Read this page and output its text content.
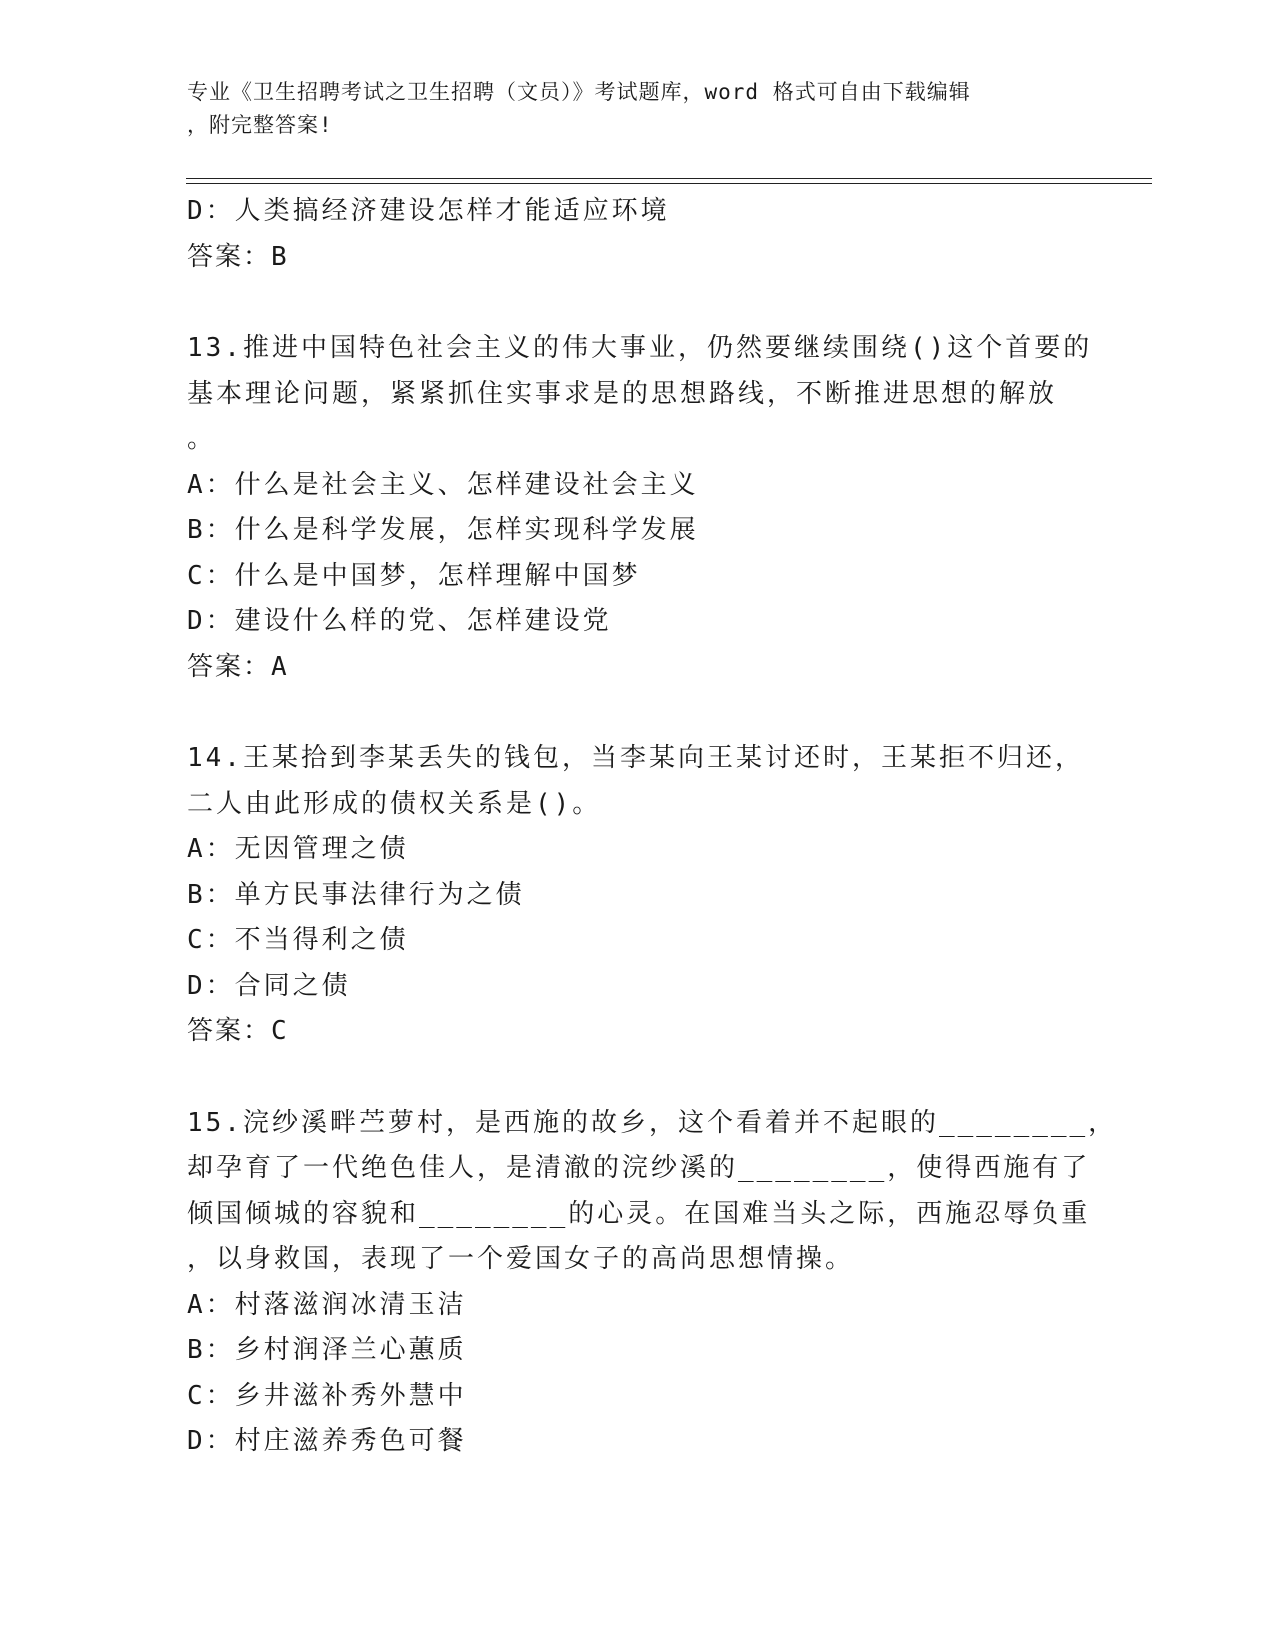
专业《卫生招聘考试之卫生招聘（文员）》考试题库，word 格式可自由下载编辑
，附完整答案!
D：人类搞经济建设怎样才能适应环境
答案：B
13.推进中国特色社会主义的伟大事业，仍然要继续围绕()这个首要的
基本理论问题，紧紧抓住实事求是的思想路线，不断推进思想的解放
。
A：什么是社会主义、怎样建设社会主义
B：什么是科学发展，怎样实现科学发展
C：什么是中国梦，怎样理解中国梦
D：建设什么样的党、怎样建设党
答案：A
14.王某拾到李某丢失的钱包，当李某向王某讨还时，王某拒不归还，
二人由此形成的债权关系是()。
A：无因管理之债
B：单方民事法律行为之债
C：不当得利之债
D：合同之债
答案：C
15.浣纱溪畔苎萝村，是西施的故乡，这个看着并不起眼的________，
却孕育了一代绝色佳人，是清澈的浣纱溪的________，使得西施有了
倾国倾城的容貌和________的心灵。在国难当头之际，西施忍辱负重
，以身救国，表现了一个爱国女子的高尚思想情操。
A：村落滋润冰清玉洁
B：乡村润泽兰心蕙质
C：乡井滋补秀外慧中
D：村庄滋养秀色可餐
